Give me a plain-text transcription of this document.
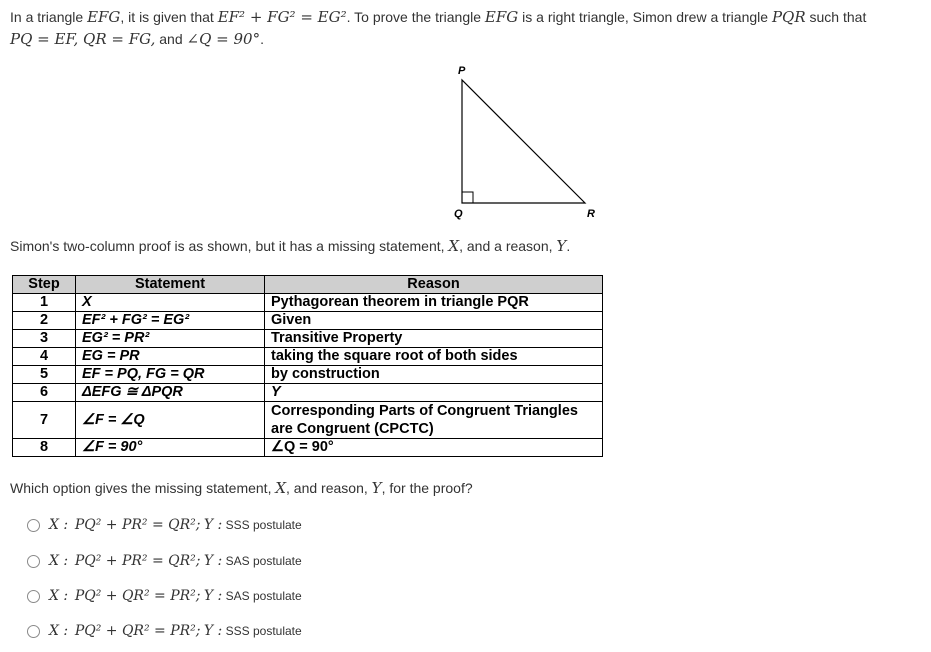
In a triangle EFG, it is given that EF² + FG² = EG². To prove the triangle EFG is a right triangle, Simon drew a triangle PQR such that
PQ = EF, QR = FG, and ∠Q = 90°.
P
Q	R
Simon's two-column proof is as shown, but it has a missing statement, X, and a reason, Y.
Step	Statement	Reason
1	X	Pythagorean theorem in triangle PQR
2	EF² + FG² = EG²	Given
3	EG² = PR²	Transitive Property
4	EG = PR	taking the square root of both sides
5	EF = PQ, FG = QR	by construction
6	ΔEFG ≅ ΔPQR	Y
7	∠F = ∠Q	Corresponding Parts of Congruent Triangles are Congruent (CPCTC)
8	∠F = 90°	∠Q = 90°
Which option gives the missing statement, X, and reason, Y, for the proof?
X :
PQ² + PR² = QR²;
Y :
SSS postulate
X :
PQ² + PR² = QR²;
Y :
SAS postulate
X :
PQ² + QR² = PR²;
Y :
SAS postulate
X :
PQ² + QR² = PR²;
Y :
SSS postulate
